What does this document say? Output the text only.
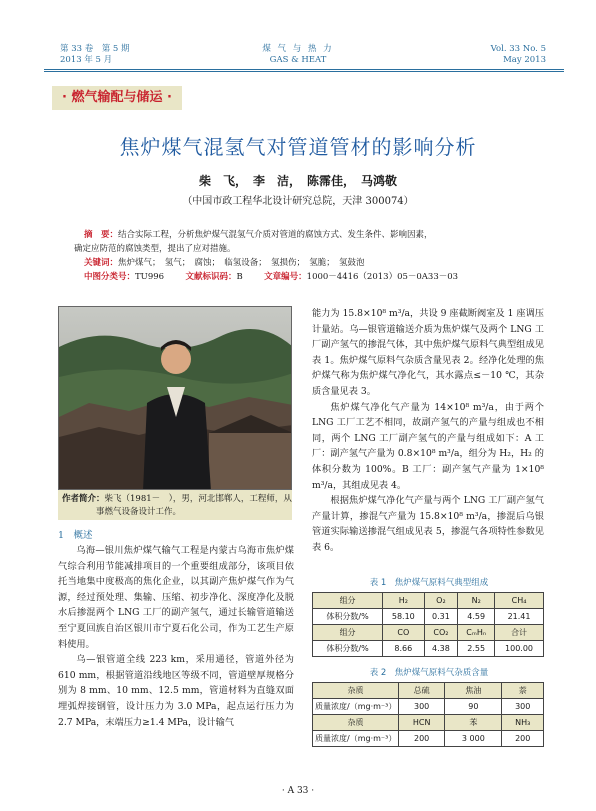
第 33 卷　第 5 期
2013 年 5 月
煤 气 与 热 力
GAS & HEAT
Vol. 33 No. 5
May 2013
· 燃气输配与储运 ·
焦炉煤气混氢气对管道管材的影响分析
柴　飞，　李　洁，　陈霈佳，　马鸿敬
（中国市政工程华北设计研究总院，天津 300074）
摘　要：结合实际工程，分析焦炉煤气混氢气介质对管道的腐蚀方式、发生条件、影响因素，
确定应防范的腐蚀类型，提出了应对措施。
关键词：焦炉煤气；　氢气；　腐蚀；　临氢设备；　氢损伤；　氢脆；　氢鼓泡
中图分类号：TU996	文献标识码：B	文章编号：1000－4416（2013）05－0A33－03
作者简介：柴飞（1981－　），男，河北邯郸人，工程师，从
事燃气设备设计工作。
1　概述

乌海—银川焦炉煤气输气工程是内蒙古乌海市焦炉煤气综合利用节能减排项目的一个重要组成部分，该项目依托当地集中度极高的焦化企业，以其副产焦炉煤气作为气源，经过预处理、集输、压缩、初步净化、深度净化及脱水后掺混两个 LNG 工厂的副产氢气，通过长输管道输送至宁夏回族自治区银川市宁夏石化公司，作为工艺生产原料使用。

乌—银管道全线 223 km，采用通径，管道外径为 610 mm，根据管道沿线地区等级不同，管道壁厚规格分别为 8 mm、10 mm、12.5 mm，管道材料为直缝双面埋弧焊接钢管，设计压力为 3.0 MPa，起点运行压力为 2.7 MPa，末端压力≥1.4 MPa，设计输气

能力为 15.8×10⁸ m³/a，共设 9 座截断阀室及 1 座调压计量站。乌—银管道输送介质为焦炉煤气及两个 LNG 工厂副产氢气的掺混气体，其中焦炉煤气原料气典型组成见表 1。焦炉煤气原料气杂质含量见表 2。经净化处理的焦炉煤气称为焦炉煤气净化气，其水露点≤－10 ℃，其杂质含量见表 3。

焦炉煤气净化气产量为 14×10⁸ m³/a，由于两个 LNG 工厂工艺不相同，故副产氢气的产量与组成也不相同，两个 LNG 工厂副产氢气的产量与组成如下：A 工厂：副产氢气产量为 0.8×10⁸ m³/a，组分为 H₂，H₂ 的体积分数为 100%。B 工厂：副产氢气产量为 1×10⁸ m³/a，其组成见表 4。

根据焦炉煤气净化气产量与两个 LNG 工厂副产氢气产量计算，掺混气产量为 15.8×10⁸ m³/a，掺混后乌银管道实际输送掺混气组成见表 5，掺混气各项特性参数见表 6。

表 1　焦炉煤气原料气典型组成
组分	H₂	O₂	N₂	CH₄
体积分数/%	58.10	0.31	4.59	21.41
组分	CO	CO₂	CₘHₙ	合计
体积分数/%	8.66	4.38	2.55	100.00
表 2　焦炉煤气原料气杂质含量
杂质	总硫	焦油	萘
质量浓度/（mg·m⁻³）	300	90	300
杂质	HCN	苯	NH₃
质量浓度/（mg·m⁻³）	200	3 000	200
· A 33 ·
